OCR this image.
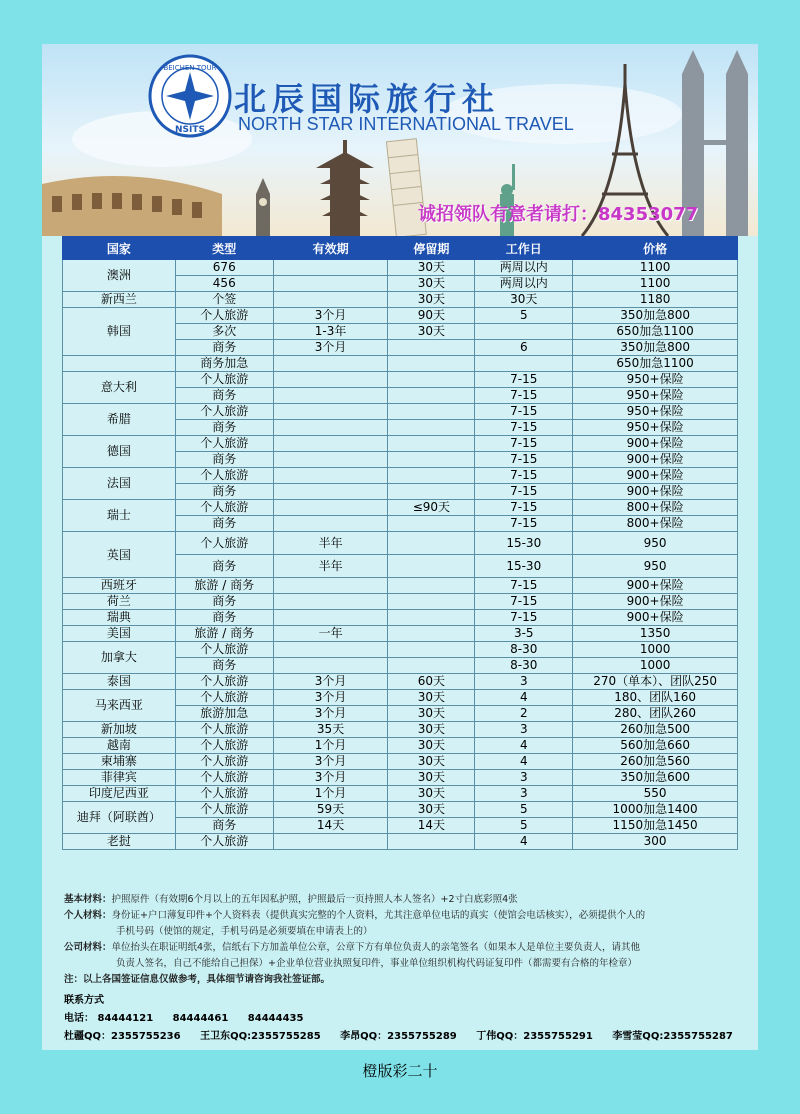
BEICHEN TOUR
NSITS
北辰国际旅行社
NORTH STAR INTERNATIONAL TRAVEL
诚招领队有意者请打：84353077
国家	类型	有效期	停留期	工作日	价格
澳洲	676		30天	两周以内	1100
	456		30天	两周以内	1100
新西兰	个签		30天	30天	1180
韩国	个人旅游	3个月	90天	5	350加急800
	多次	1-3年	30天		650加急1100
	商务	3个月		6	350加急800
	商务加急				650加急1100
意大利	个人旅游			7-15	950+保险
	商务			7-15	950+保险
希腊	个人旅游			7-15	950+保险
	商务			7-15	950+保险
德国	个人旅游			7-15	900+保险
	商务			7-15	900+保险
法国	个人旅游			7-15	900+保险
	商务			7-15	900+保险
瑞士	个人旅游		≤90天	7-15	800+保险
	商务			7-15	800+保险
英国	个人旅游	半年		15-30	950
	商务	半年		15-30	950
西班牙	旅游 / 商务			7-15	900+保险
荷兰	商务			7-15	900+保险
瑞典	商务			7-15	900+保险
美国	旅游 / 商务	一年		3-5	1350
加拿大	个人旅游			8-30	1000
	商务			8-30	1000
泰国	个人旅游	3个月	60天	3	270（单本）、团队250
马来西亚	个人旅游	3个月	30天	4	180、团队160
	旅游加急	3个月	30天	2	280、团队260
新加坡	个人旅游	35天	30天	3	260加急500
越南	个人旅游	1个月	30天	4	560加急660
柬埔寨	个人旅游	3个月	30天	4	260加急560
菲律宾	个人旅游	3个月	30天	3	350加急600
印度尼西亚	个人旅游	1个月	30天	3	550
迪拜（阿联酋）	个人旅游	59天	30天	5	1000加急1400
	商务	14天	14天	5	1150加急1450
老挝	个人旅游			4	300
基本材料：护照原件（有效期6个月以上的五年因私护照，护照最后一页持照人本人签名）+2寸白底彩照4张
个人材料：身份证+户口薄复印件+个人资料表（提供真实完整的个人资料，尤其注意单位电话的真实（使馆会电话核实），必须提供个人的
手机号码（使馆的规定，手机号码是必须要填在申请表上的）
公司材料：单位抬头在职证明纸4张，信纸右下方加盖单位公章，公章下方有单位负责人的亲笔签名（如果本人是单位主要负责人，请其他
负责人签名，自己不能给自己担保）+企业单位营业执照复印件，事业单位组织机构代码证复印件（都需要有合格的年检章）
注：以上各国签证信息仅做参考，具体细节请咨询我社签证部。
联系方式
电话： 84444121 84444461 84444435
杜疆QQ：2355755236 王卫东QQ:2355755285 李昂QQ：2355755289 丁伟QQ：2355755291 李雪莹QQ:2355755287
橙版彩二十
